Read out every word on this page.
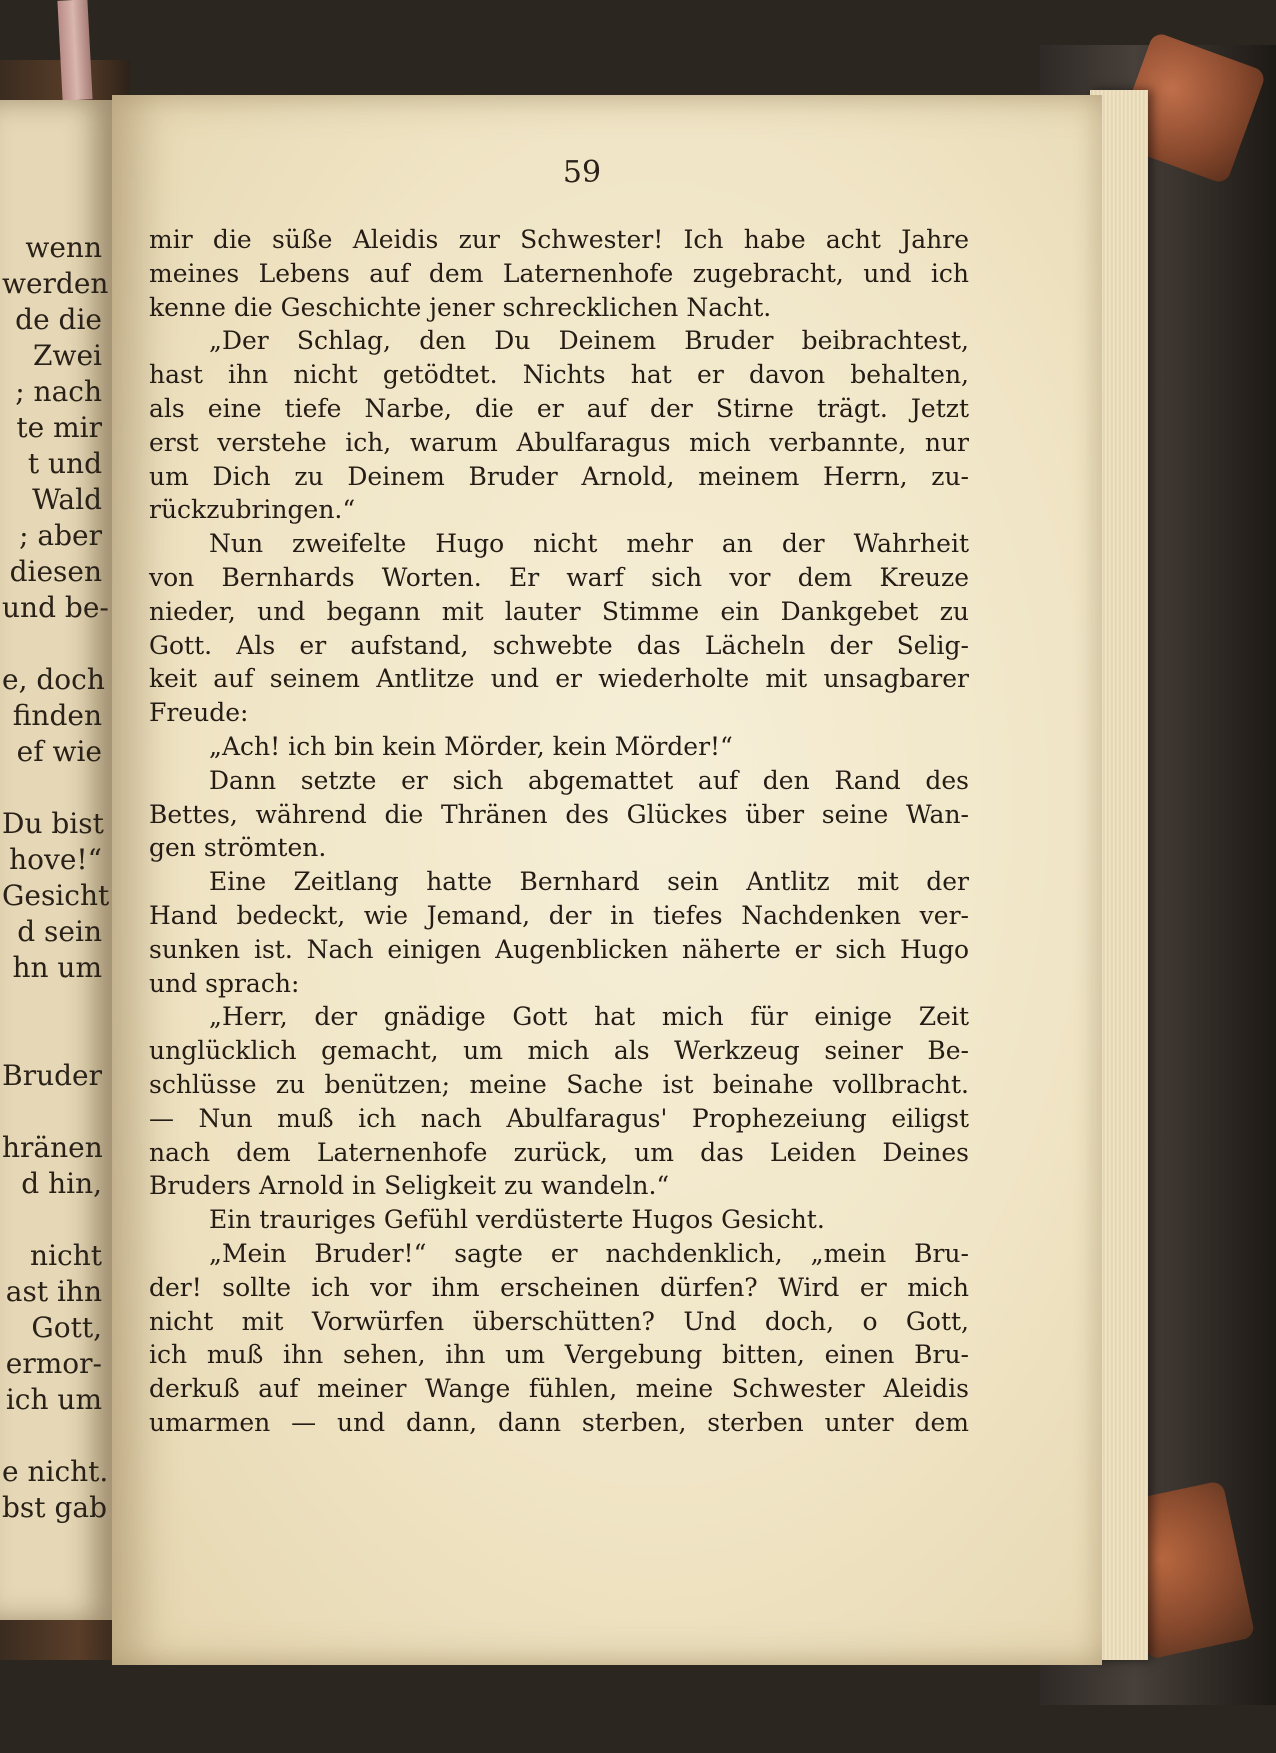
wenn
werden
de die
Zwei
; nach
te mir
t und
Wald
; aber
diesen
und be-
e, doch
finden
ef wie
Du bist
hove!“
Gesicht
d sein
hn um
Bruder
hränen
d hin,
nicht
ast ihn
Gott,
ermor-
ich um
e nicht.
bst gab
59
mir die süße Aleidis zur Schwester! Ich habe acht Jahre
meines Lebens auf dem Laternenhofe zugebracht, und ich
kenne die Geschichte jener schrecklichen Nacht.
„Der Schlag, den Du Deinem Bruder beibrachtest,
hast ihn nicht getödtet. Nichts hat er davon behalten,
als eine tiefe Narbe, die er auf der Stirne trägt. Jetzt
erst verstehe ich, warum Abulfaragus mich verbannte, nur
um Dich zu Deinem Bruder Arnold, meinem Herrn, zu-
rückzubringen.“
Nun zweifelte Hugo nicht mehr an der Wahrheit
von Bernhards Worten. Er warf sich vor dem Kreuze
nieder, und begann mit lauter Stimme ein Dankgebet zu
Gott. Als er aufstand, schwebte das Lächeln der Selig-
keit auf seinem Antlitze und er wiederholte mit unsagbarer
Freude:
„Ach! ich bin kein Mörder, kein Mörder!“
Dann setzte er sich abgemattet auf den Rand des
Bettes, während die Thränen des Glückes über seine Wan-
gen strömten.
Eine Zeitlang hatte Bernhard sein Antlitz mit der
Hand bedeckt, wie Jemand, der in tiefes Nachdenken ver-
sunken ist. Nach einigen Augenblicken näherte er sich Hugo
und sprach:
„Herr, der gnädige Gott hat mich für einige Zeit
unglücklich gemacht, um mich als Werkzeug seiner Be-
schlüsse zu benützen; meine Sache ist beinahe vollbracht.
— Nun muß ich nach Abulfaragus' Prophezeiung eiligst
nach dem Laternenhofe zurück, um das Leiden Deines
Bruders Arnold in Seligkeit zu wandeln.“
Ein trauriges Gefühl verdüsterte Hugos Gesicht.
„Mein Bruder!“ sagte er nachdenklich, „mein Bru-
der! sollte ich vor ihm erscheinen dürfen? Wird er mich
nicht mit Vorwürfen überschütten? Und doch, o Gott,
ich muß ihn sehen, ihn um Vergebung bitten, einen Bru-
derkuß auf meiner Wange fühlen, meine Schwester Aleidis
umarmen — und dann, dann sterben, sterben unter dem
